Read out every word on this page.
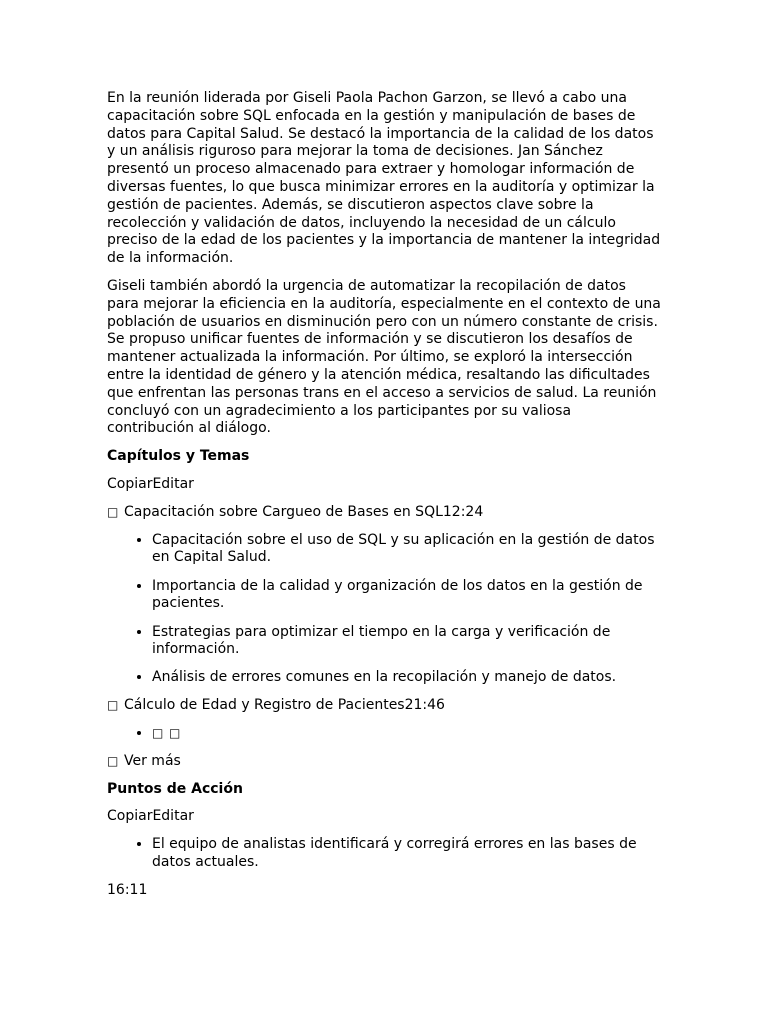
En la reunión liderada por Giseli Paola Pachon Garzon, se llevó a cabo una capacitación sobre SQL enfocada en la gestión y manipulación de bases de datos para Capital Salud. Se destacó la importancia de la calidad de los datos y un análisis riguroso para mejorar la toma de decisiones. Jan Sánchez presentó un proceso almacenado para extraer y homologar información de diversas fuentes, lo que busca minimizar errores en la auditoría y optimizar la gestión de pacientes. Además, se discutieron aspectos clave sobre la recolección y validación de datos, incluyendo la necesidad de un cálculo preciso de la edad de los pacientes y la importancia de mantener la integridad de la información.

Giseli también abordó la urgencia de automatizar la recopilación de datos para mejorar la eficiencia en la auditoría, especialmente en el contexto de una población de usuarios en disminución pero con un número constante de crisis. Se propuso unificar fuentes de información y se discutieron los desafíos de mantener actualizada la información. Por último, se exploró la intersección entre la identidad de género y la atención médica, resaltando las dificultades que enfrentan las personas trans en el acceso a servicios de salud. La reunión concluyó con un agradecimiento a los participantes por su valiosa contribución al diálogo.

Capítulos y Temas
CopiarEditar
□ Capacitación sobre Cargueo de Bases en SQL12:24
• Capacitación sobre el uso de SQL y su aplicación en la gestión de datos en Capital Salud.
• Importancia de la calidad y organización de los datos en la gestión de pacientes.
• Estrategias para optimizar el tiempo en la carga y verificación de información.
• Análisis de errores comunes en la recopilación y manejo de datos.
□ Cálculo de Edad y Registro de Pacientes21:46
• □ □
□ Ver más
Puntos de Acción
CopiarEditar
• El equipo de analistas identificará y corregirá errores en las bases de datos actuales.
16:11
